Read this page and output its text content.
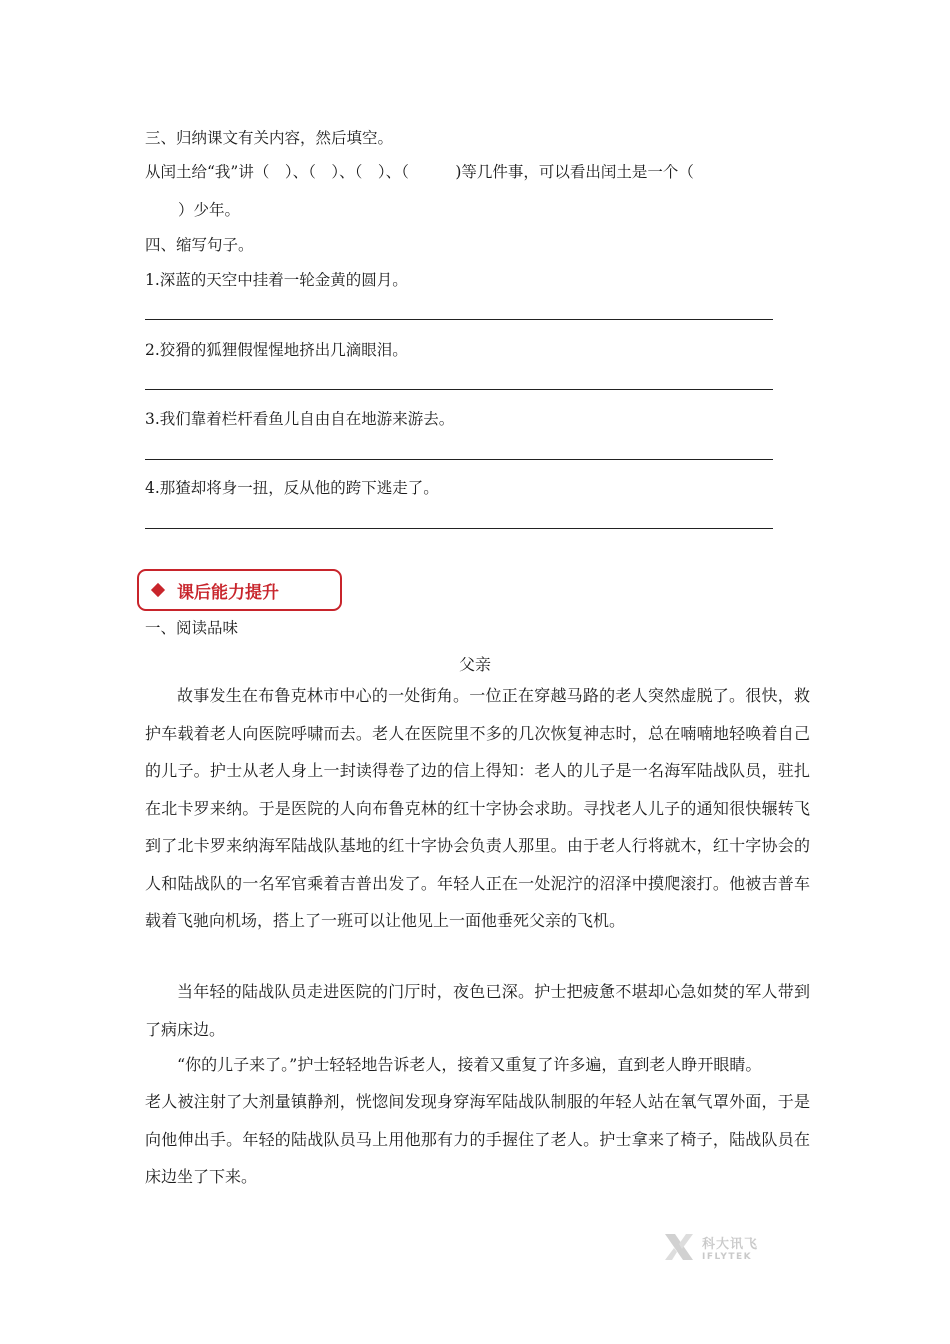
三、归纳课文有关内容，然后填空。
从闰土给“我”讲（　）、（　）、（　）、（　　　)等几件事，可以看出闰土是一个（
）少年。
四、缩写句子。
1.深蓝的天空中挂着一轮金黄的圆月。
2.狡猾的狐狸假惺惺地挤出几滴眼泪。
3.我们靠着栏杆看鱼儿自由自在地游来游去。
4.那猹却将身一扭，反从他的跨下逃走了。
课后能力提升
一、阅读品味
父亲
故事发生在布鲁克林市中心的一处街角。一位正在穿越马路的老人突然虚脱了。很快，救护车载着老人向医院呼啸而去。老人在医院里不多的几次恢复神志时，总在喃喃地轻唤着自己的儿子。护士从老人身上一封读得卷了边的信上得知：老人的儿子是一名海军陆战队员，驻扎在北卡罗来纳。于是医院的人向布鲁克林的红十字协会求助。寻找老人儿子的通知很快辗转飞到了北卡罗来纳海军陆战队基地的红十字协会负责人那里。由于老人行将就木，红十字协会的人和陆战队的一名军官乘着吉普出发了。年轻人正在一处泥泞的沼泽中摸爬滚打。他被吉普车载着飞驰向机场，搭上了一班可以让他见上一面他垂死父亲的飞机。
当年轻的陆战队员走进医院的门厅时，夜色已深。护士把疲惫不堪却心急如焚的军人带到了病床边。
“你的儿子来了。”护士轻轻地告诉老人，接着又重复了许多遍，直到老人睁开眼睛。
老人被注射了大剂量镇静剂，恍惚间发现身穿海军陆战队制服的年轻人站在氧气罩外面，于是向他伸出手。年轻的陆战队员马上用他那有力的手握住了老人。护士拿来了椅子，陆战队员在床边坐了下来。
科大讯飞
IFLYTEK
